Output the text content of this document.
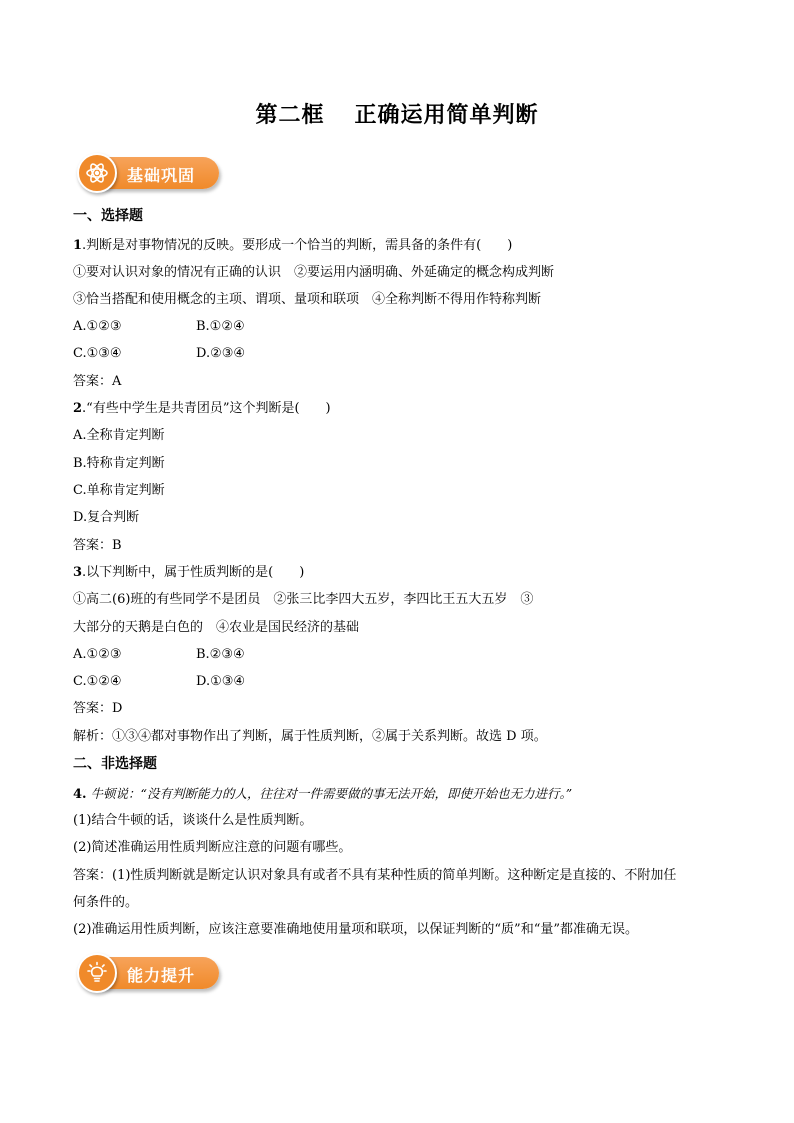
第二框 正确运用简单判断
基础巩固
一、选择题
1.判断是对事物情况的反映。要形成一个恰当的判断，需具备的条件有(　　)
①要对认识对象的情况有正确的认识　②要运用内涵明确、外延确定的概念构成判断
③恰当搭配和使用概念的主项、谓项、量项和联项　④全称判断不得用作特称判断
A.①②③	B.①②④
C.①③④	D.②③④
答案：A
2.“有些中学生是共青团员”这个判断是(　　)
A.全称肯定判断
B.特称肯定判断
C.单称肯定判断
D.复合判断
答案：B
3.以下判断中，属于性质判断的是(　　)
①高二(6)班的有些同学不是团员　②张三比李四大五岁，李四比王五大五岁　③
大部分的天鹅是白色的　④农业是国民经济的基础
A.①②③	B.②③④
C.①②④	D.①③④
答案：D
解析：①③④都对事物作出了判断，属于性质判断，②属于关系判断。故选 D 项。
二、非选择题
4. 牛顿说：“没有判断能力的人，往往对一件需要做的事无法开始，即使开始也无力进行。”
(1)结合牛顿的话，谈谈什么是性质判断。
(2)简述准确运用性质判断应注意的问题有哪些。
答案：(1)性质判断就是断定认识对象具有或者不具有某种性质的简单判断。这种断定是直接的、不附加任
何条件的。
(2)准确运用性质判断，应该注意要准确地使用量项和联项，以保证判断的“质”和“量”都准确无误。
能力提升
